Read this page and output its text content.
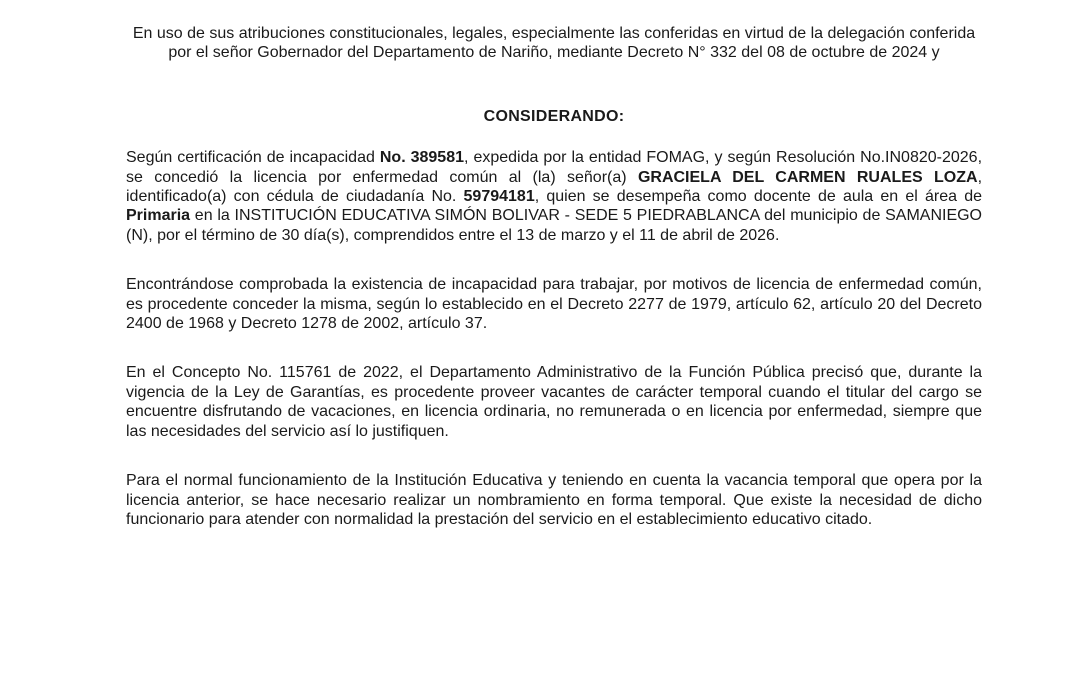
En uso de sus atribuciones constitucionales, legales, especialmente las conferidas en virtud de la delegación conferida por el señor Gobernador del Departamento de Nariño, mediante Decreto N° 332 del 08 de octubre de 2024 y

CONSIDERANDO:

Según certificación de incapacidad No. 389581, expedida por la entidad FOMAG, y según Resolución No.IN0820-2026, se concedió la licencia por enfermedad común al (la) señor(a) GRACIELA DEL CARMEN RUALES LOZA, identificado(a) con cédula de ciudadanía No. 59794181, quien se desempeña como docente de aula en el área de Primaria en la INSTITUCIÓN EDUCATIVA SIMÓN BOLIVAR - SEDE 5 PIEDRABLANCA del municipio de SAMANIEGO (N), por el término de 30 día(s), comprendidos entre el 13 de marzo y el 11 de abril de 2026.

Encontrándose comprobada la existencia de incapacidad para trabajar, por motivos de licencia de enfermedad común, es procedente conceder la misma, según lo establecido en el Decreto 2277 de 1979, artículo 62, artículo 20 del Decreto 2400 de 1968 y Decreto 1278 de 2002, artículo 37.

En el Concepto No. 115761 de 2022, el Departamento Administrativo de la Función Pública precisó que, durante la vigencia de la Ley de Garantías, es procedente proveer vacantes de carácter temporal cuando el titular del cargo se encuentre disfrutando de vacaciones, en licencia ordinaria, no remunerada o en licencia por enfermedad, siempre que las necesidades del servicio así lo justifiquen.

Para el normal funcionamiento de la Institución Educativa y teniendo en cuenta la vacancia temporal que opera por la licencia anterior, se hace necesario realizar un nombramiento en forma temporal. Que existe la necesidad de dicho funcionario para atender con normalidad la prestación del servicio en el establecimiento educativo citado.
